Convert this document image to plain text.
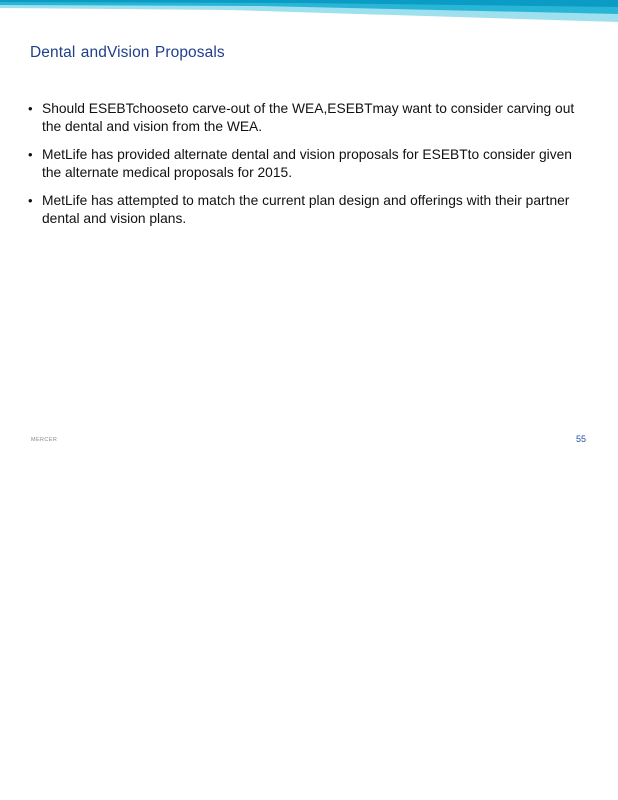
Dental andVision Proposals
• Should ESEBTchooseto carve-out of the WEA,ESEBTmay want to consider carving out the dental and vision from the WEA.
• MetLife has provided alternate dental and vision proposals for ESEBTto consider given the alternate medical proposals for 2015.
• MetLife has attempted to match the current plan design and offerings with their partner dental and vision plans.
MERCER	55
